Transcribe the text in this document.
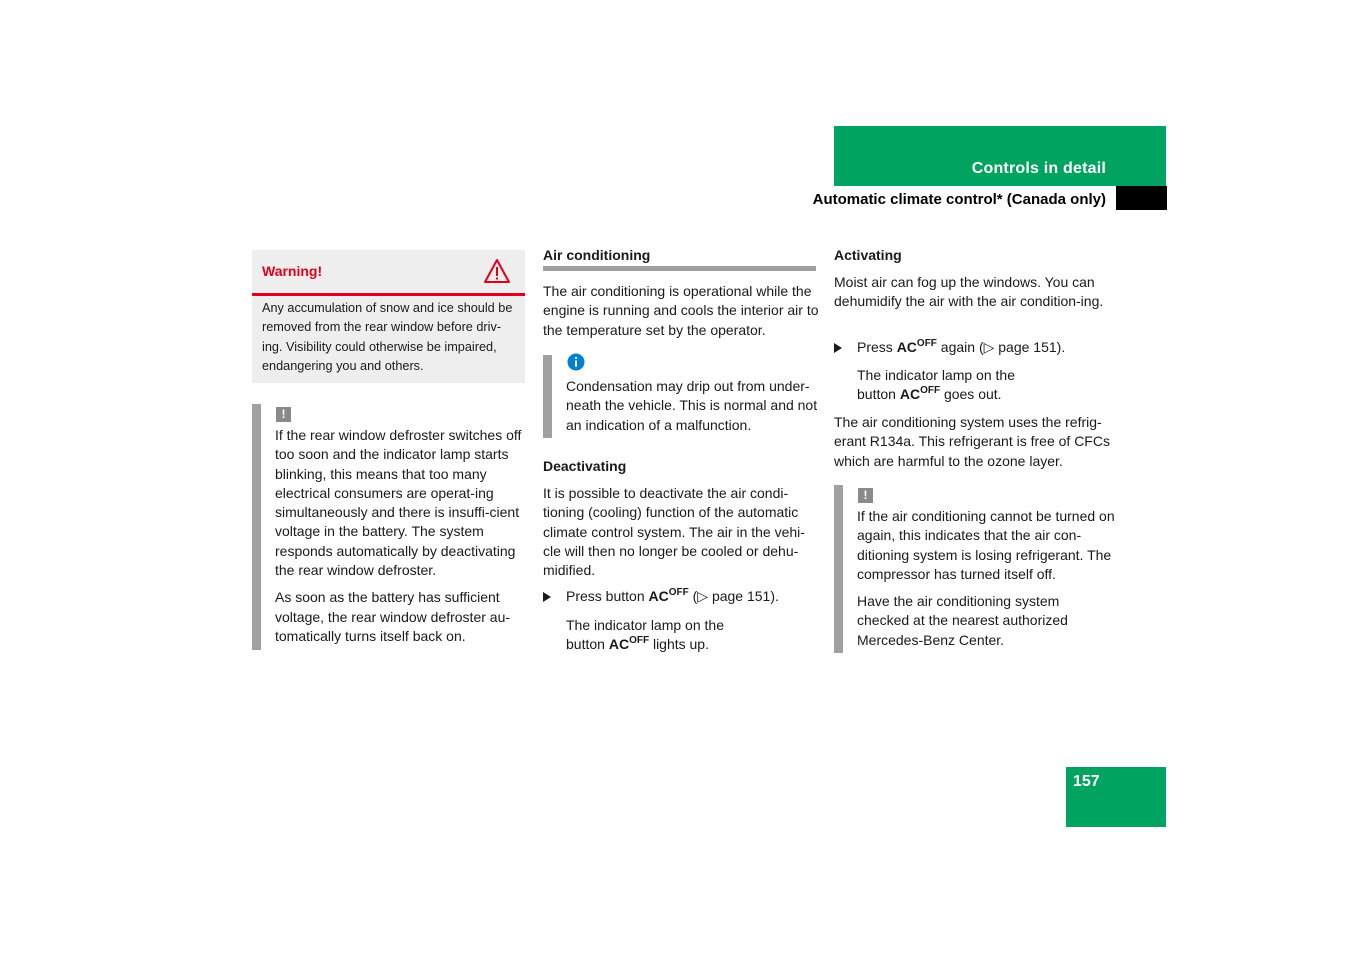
Controls in detail
Automatic climate control* (Canada only)
Warning!
Any accumulation of snow and ice should be removed from the rear window before driv-ing. Visibility could otherwise be impaired, endangering you and others.
!

If the rear window defroster switches off too soon and the indicator lamp starts blinking, this means that too many electrical consumers are operat-ing simultaneously and there is insuffi-cient voltage in the battery. The system responds automatically by deactivating the rear window defroster.

As soon as the battery has sufficient voltage, the rear window defroster au-tomatically turns itself back on.

Air conditioning

The air conditioning is operational while the engine is running and cools the interior air to the temperature set by the operator.

Condensation may drip out from under-neath the vehicle. This is normal and not an indication of a malfunction.

Deactivating

It is possible to deactivate the air condi-tioning (cooling) function of the automatic climate control system. The air in the vehi-cle will then no longer be cooled or dehu-midified.

Press button $AC^{OFF}$ (▷ page 151).
The indicator lamp on the
button $AC^{OFF}$ lights up.
Activating

Moist air can fog up the windows. You can dehumidify the air with the air condition-ing.

Press $AC^{OFF}$ again (▷ page 151).
The indicator lamp on the
button $AC^{OFF}$ goes out.

The air conditioning system uses the refrig-erant R134a. This refrigerant is free of CFCs which are harmful to the ozone layer.

!

If the air conditioning cannot be turned on again, this indicates that the air con-ditioning system is losing refrigerant. The compressor has turned itself off.

Have the air conditioning system checked at the nearest authorized Mercedes-Benz Center.

157
